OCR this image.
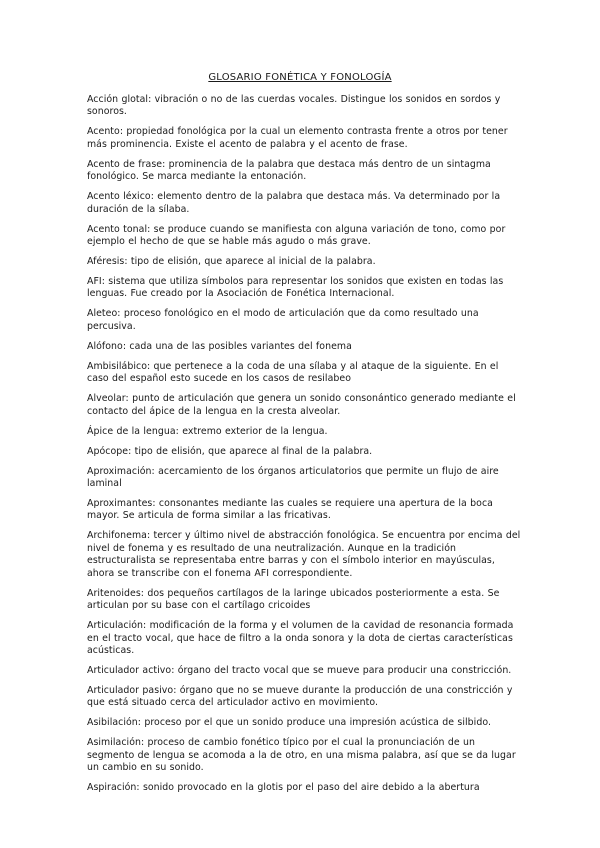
GLOSARIO FONÉTICA Y FONOLOGÍA

Acción glotal: vibración o no de las cuerdas vocales. Distingue los sonidos en sordos y sonoros.

Acento: propiedad fonológica por la cual un elemento contrasta frente a otros por tener más prominencia. Existe el acento de palabra y el acento de frase.

Acento de frase: prominencia de la palabra que destaca más dentro de un sintagma fonológico. Se marca mediante la entonación.

Acento léxico: elemento dentro de la palabra que destaca más. Va determinado por la duración de la sílaba.

Acento tonal: se produce cuando se manifiesta con alguna variación de tono, como por ejemplo el hecho de que se hable más agudo o más grave.

Aféresis: tipo de elisión, que aparece al inicial de la palabra.

AFI: sistema que utiliza símbolos para representar los sonidos que existen en todas las lenguas. Fue creado por la Asociación de Fonética Internacional.

Aleteo: proceso fonológico en el modo de articulación que da como resultado una percusiva.

Alófono: cada una de las posibles variantes del fonema

Ambisilábico: que pertenece a la coda de una sílaba y al ataque de la siguiente. En el caso del español esto sucede en los casos de resilabeo

Alveolar: punto de articulación que genera un sonido consonántico generado mediante el contacto del ápice de la lengua en la cresta alveolar.

Ápice de la lengua: extremo exterior de la lengua.

Apócope: tipo de elisión, que aparece al final de la palabra.

Aproximación: acercamiento de los órganos articulatorios que permite un flujo de aire laminal

Aproximantes: consonantes mediante las cuales se requiere una apertura de la boca mayor. Se articula de forma similar a las fricativas.

Archifonema: tercer y último nivel de abstracción fonológica. Se encuentra por encima del nivel de fonema y es resultado de una neutralización. Aunque en la tradición estructuralista se representaba entre barras y con el símbolo interior en mayúsculas, ahora se transcribe con el fonema AFI correspondiente.

Aritenoides: dos pequeños cartílagos de la laringe ubicados posteriormente a esta. Se articulan por su base con el cartílago cricoides

Articulación: modificación de la forma y el volumen de la cavidad de resonancia formada en el tracto vocal, que hace de filtro a la onda sonora y la dota de ciertas características acústicas.

Articulador activo: órgano del tracto vocal que se mueve para producir una constricción.

Articulador pasivo: órgano que no se mueve durante la producción de una constricción y que está situado cerca del articulador activo en movimiento.

Asibilación: proceso por el que un sonido produce una impresión acústica de silbido.

Asimilación: proceso de cambio fonético típico por el cual la pronunciación de un segmento de lengua se acomoda a la de otro, en una misma palabra, así que se da lugar un cambio en su sonido.

Aspiración: sonido provocado en la glotis por el paso del aire debido a la abertura
